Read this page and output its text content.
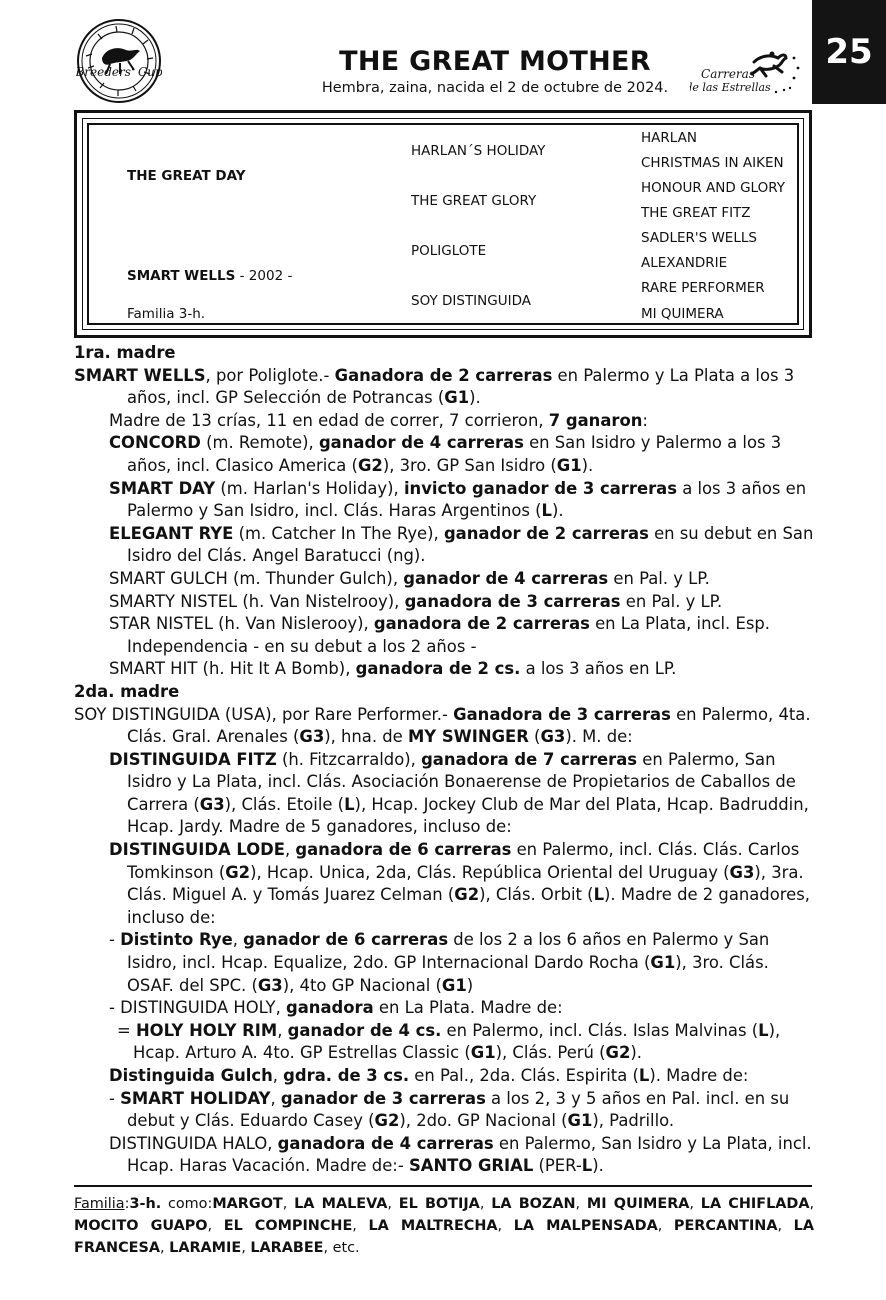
Breeders' Cup	THE GREAT MOTHER
Hembra, zaina, nacida el 2 de octubre de 2024.
Carreras
de las Estrellas
25
THE GREAT DAY
SMART WELLS - 2002 -
Familia 3-h.
HARLAN´S HOLIDAY
THE GREAT GLORY
POLIGLOTE
SOY DISTINGUIDA
HARLAN
CHRISTMAS IN AIKEN
HONOUR AND GLORY
THE GREAT FITZ
SADLER'S WELLS
ALEXANDRIE
RARE PERFORMER
MI QUIMERA
1ra. madre
SMART WELLS, por Poliglote.- Ganadora de 2 carreras en Palermo y La Plata a los 3 años, incl. GP Selección de Potrancas (G1).
Madre de 13 crías, 11 en edad de correr, 7 corrieron, 7 ganaron:
CONCORD (m. Remote), ganador de 4 carreras en San Isidro y Palermo a los 3 años, incl. Clasico America (G2), 3ro. GP San Isidro (G1).
SMART DAY (m. Harlan's Holiday), invicto ganador de 3 carreras a los 3 años en Palermo y San Isidro, incl. Clás. Haras Argentinos (L).
ELEGANT RYE (m. Catcher In The Rye), ganador de 2 carreras en su debut en San Isidro del Clás. Angel Baratucci (ng).
SMART GULCH (m. Thunder Gulch), ganador de 4 carreras en Pal. y LP.
SMARTY NISTEL (h. Van Nistelrooy), ganadora de 3 carreras en Pal. y LP.
STAR NISTEL (h. Van Nislerooy), ganadora de 2 carreras en La Plata, incl. Esp. Independencia - en su debut a los 2 años -
SMART HIT (h. Hit It A Bomb), ganadora de 2 cs. a los 3 años en LP.
2da. madre
SOY DISTINGUIDA (USA), por Rare Performer.- Ganadora de 3 carreras en Palermo, 4ta. Clás. Gral. Arenales (G3), hna. de MY SWINGER (G3). M. de:
DISTINGUIDA FITZ (h. Fitzcarraldo), ganadora de 7 carreras en Palermo, San Isidro y La Plata, incl. Clás. Asociación Bonaerense de Propietarios de Caballos de Carrera (G3), Clás. Etoile (L), Hcap. Jockey Club de Mar del Plata, Hcap. Badruddin, Hcap. Jardy. Madre de 5 ganadores, incluso de:
DISTINGUIDA LODE, ganadora de 6 carreras en Palermo, incl. Clás. Clás. Carlos Tomkinson (G2), Hcap. Unica, 2da, Clás. República Oriental del Uruguay (G3), 3ra. Clás. Miguel A. y Tomás Juarez Celman (G2), Clás. Orbit (L). Madre de 2 ganadores, incluso de:
- Distinto Rye, ganador de 6 carreras de los 2 a los 6 años en Palermo y San Isidro, incl. Hcap. Equalize, 2do. GP Internacional Dardo Rocha (G1), 3ro. Clás. OSAF. del SPC. (G3), 4to GP Nacional (G1)
- DISTINGUIDA HOLY, ganadora en La Plata. Madre de:
= HOLY HOLY RIM, ganador de 4 cs. en Palermo, incl. Clás. Islas Malvinas (L), Hcap. Arturo A. 4to. GP Estrellas Classic (G1), Clás. Perú (G2).
Distinguida Gulch, gdra. de 3 cs. en Pal., 2da. Clás. Espirita (L). Madre de:
- SMART HOLIDAY, ganador de 3 carreras a los 2, 3 y 5 años en Pal. incl. en su debut y Clás. Eduardo Casey (G2), 2do. GP Nacional (G1), Padrillo.
DISTINGUIDA HALO, ganadora de 4 carreras en Palermo, San Isidro y La Plata, incl. Hcap. Haras Vacación. Madre de:- SANTO GRIAL (PER-L).
Familia:3-h. como:MARGOT, LA MALEVA, EL BOTIJA, LA BOZAN, MI QUIMERA, LA CHIFLADA, MOCITO GUAPO, EL COMPINCHE, LA MALTRECHA, LA MALPENSADA, PERCANTINA, LA FRANCESA, LARAMIE, LARABEE, etc.
